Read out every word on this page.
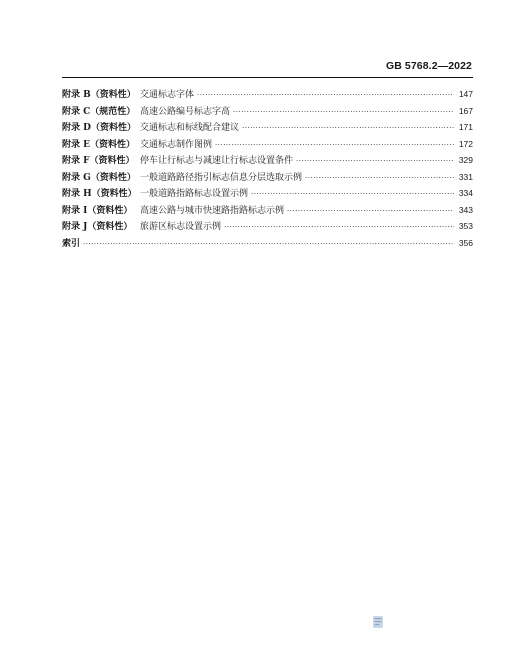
GB 5768.2—2022
附录 B（资料性） 交通标志字体 ·····	147
附录 C（规范性） 高速公路编号标志字高 ·····	167
附录 D（资料性） 交通标志和标线配合建议 ·····	171
附录 E（资料性） 交通标志制作图例 ·····	172
附录 F（资料性） 停车让行标志与减速让行标志设置条件 ·····	329
附录 G（资料性） 一般道路路径指引标志信息分层选取示例 ·····	331
附录 H（资料性） 一般道路指路标志设置示例 ·····	334
附录 I（资料性） 高速公路与城市快速路指路标志示例 ·····	343
附录 J（资料性） 旅游区标志设置示例 ·····	353
索引 ·····	356
